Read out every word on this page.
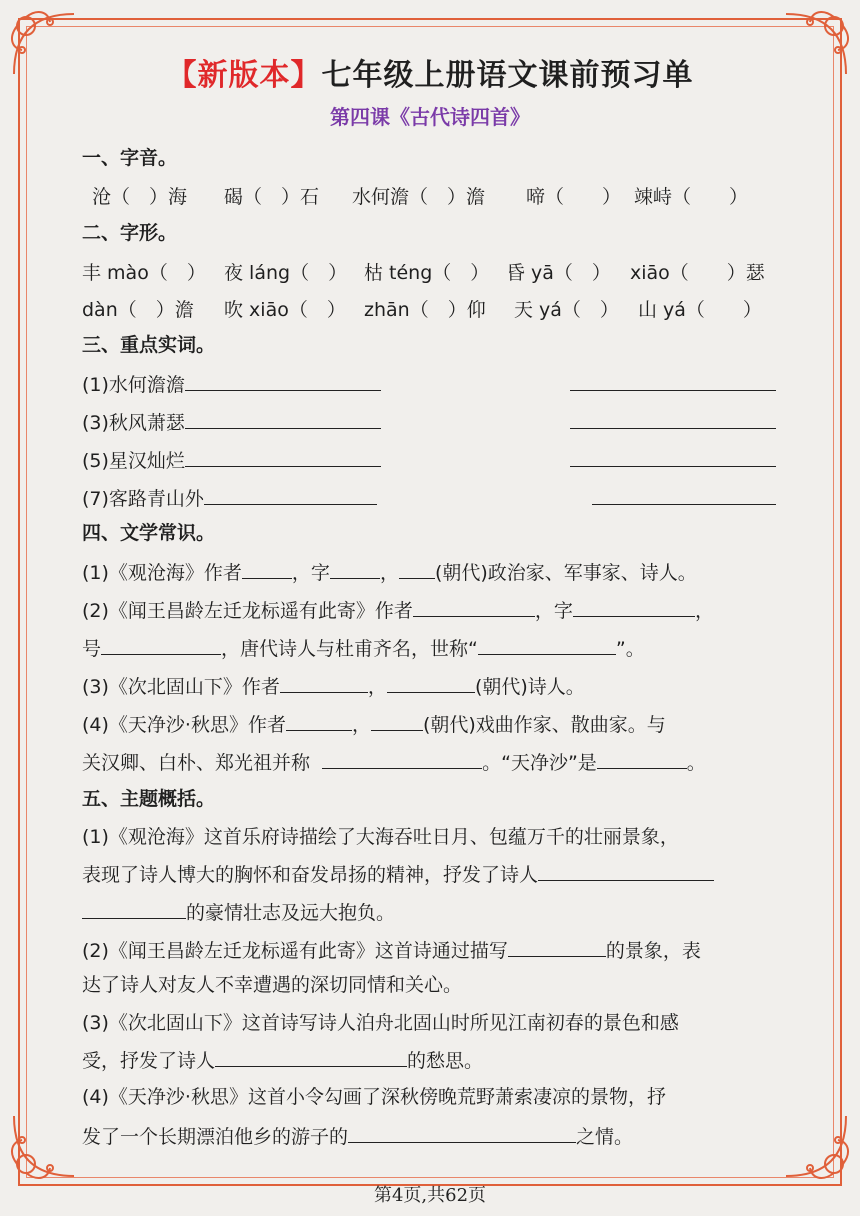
【新版本】七年级上册语文课前预习单
第四课《古代诗四首》
一、字音。
沧（　）海 碣（　）石 水何澹（　）澹 啼（　　） 竦峙（　　）
二、字形。
丰 mào（　） 夜 láng（　） 枯 téng（　） 昏 yā（　） xiāo（　　）瑟
dàn（　）澹 吹 xiāo（　） zhān（　）仰 天 yá（　） 山 yá（　　）
三、重点实词。
(1)水何澹澹
(3)秋风萧瑟
(5)星汉灿烂
(7)客路青山外
四、文学常识。
(1)《观沧海》作者	，字	， (朝代)政治家、军事家、诗人。
(2)《闻王昌龄左迁龙标遥有此寄》作者	，字	，
号	，唐代诗人与杜甫齐名，世称“	”。
(3)《次北固山下》作者	，	(朝代)诗人。
(4)《天净沙·秋思》作者	，	(朝代)戏曲作家、散曲家。与
关汉卿、白朴、郑光祖并称	。“天净沙”是	。
五、主题概括。
(1)《观沧海》这首乐府诗描绘了大海吞吐日月、包蕴万千的壮丽景象，
表现了诗人博大的胸怀和奋发昂扬的精神，抒发了诗人
的豪情壮志及远大抱负。
(2)《闻王昌龄左迁龙标遥有此寄》这首诗通过描写	的景象，表
达了诗人对友人不幸遭遇的深切同情和关心。
(3)《次北固山下》这首诗写诗人泊舟北固山时所见江南初春的景色和感
受，抒发了诗人	的愁思。
(4)《天净沙·秋思》这首小令勾画了深秋傍晚荒野萧索凄凉的景物，抒
发了一个长期漂泊他乡的游子的	之情。
第4页,共62页
